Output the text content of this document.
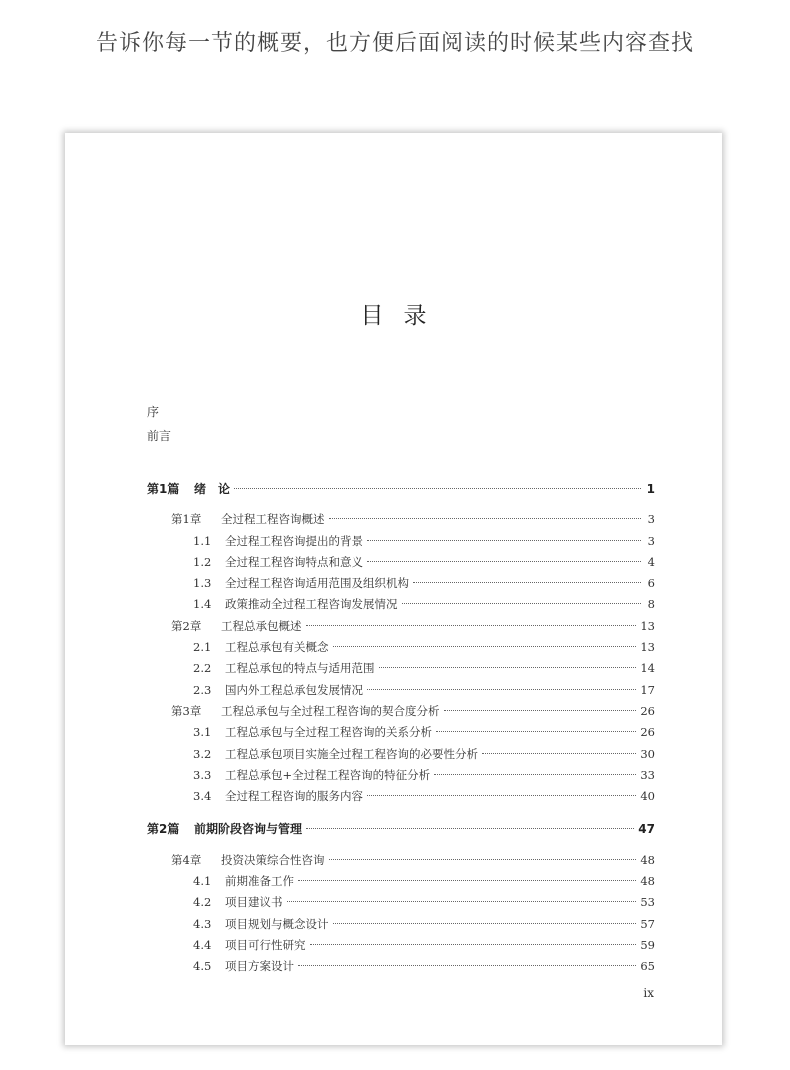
告诉你每一节的概要，也方便后面阅读的时候某些内容查找
目录
序
前言
第1篇	绪　论	1
第1章	全过程工程咨询概述	3
1.1	全过程工程咨询提出的背景	3
1.2	全过程工程咨询特点和意义	4
1.3	全过程工程咨询适用范围及组织机构	6
1.4	政策推动全过程工程咨询发展情况	8
第2章	工程总承包概述	13
2.1	工程总承包有关概念	13
2.2	工程总承包的特点与适用范围	14
2.3	国内外工程总承包发展情况	17
第3章	工程总承包与全过程工程咨询的契合度分析	26
3.1	工程总承包与全过程工程咨询的关系分析	26
3.2	工程总承包项目实施全过程工程咨询的必要性分析	30
3.3	工程总承包+全过程工程咨询的特征分析	33
3.4	全过程工程咨询的服务内容	40
第2篇	前期阶段咨询与管理	47
第4章	投资决策综合性咨询	48
4.1	前期准备工作	48
4.2	项目建议书	53
4.3	项目规划与概念设计	57
4.4	项目可行性研究	59
4.5	项目方案设计	65
ix
